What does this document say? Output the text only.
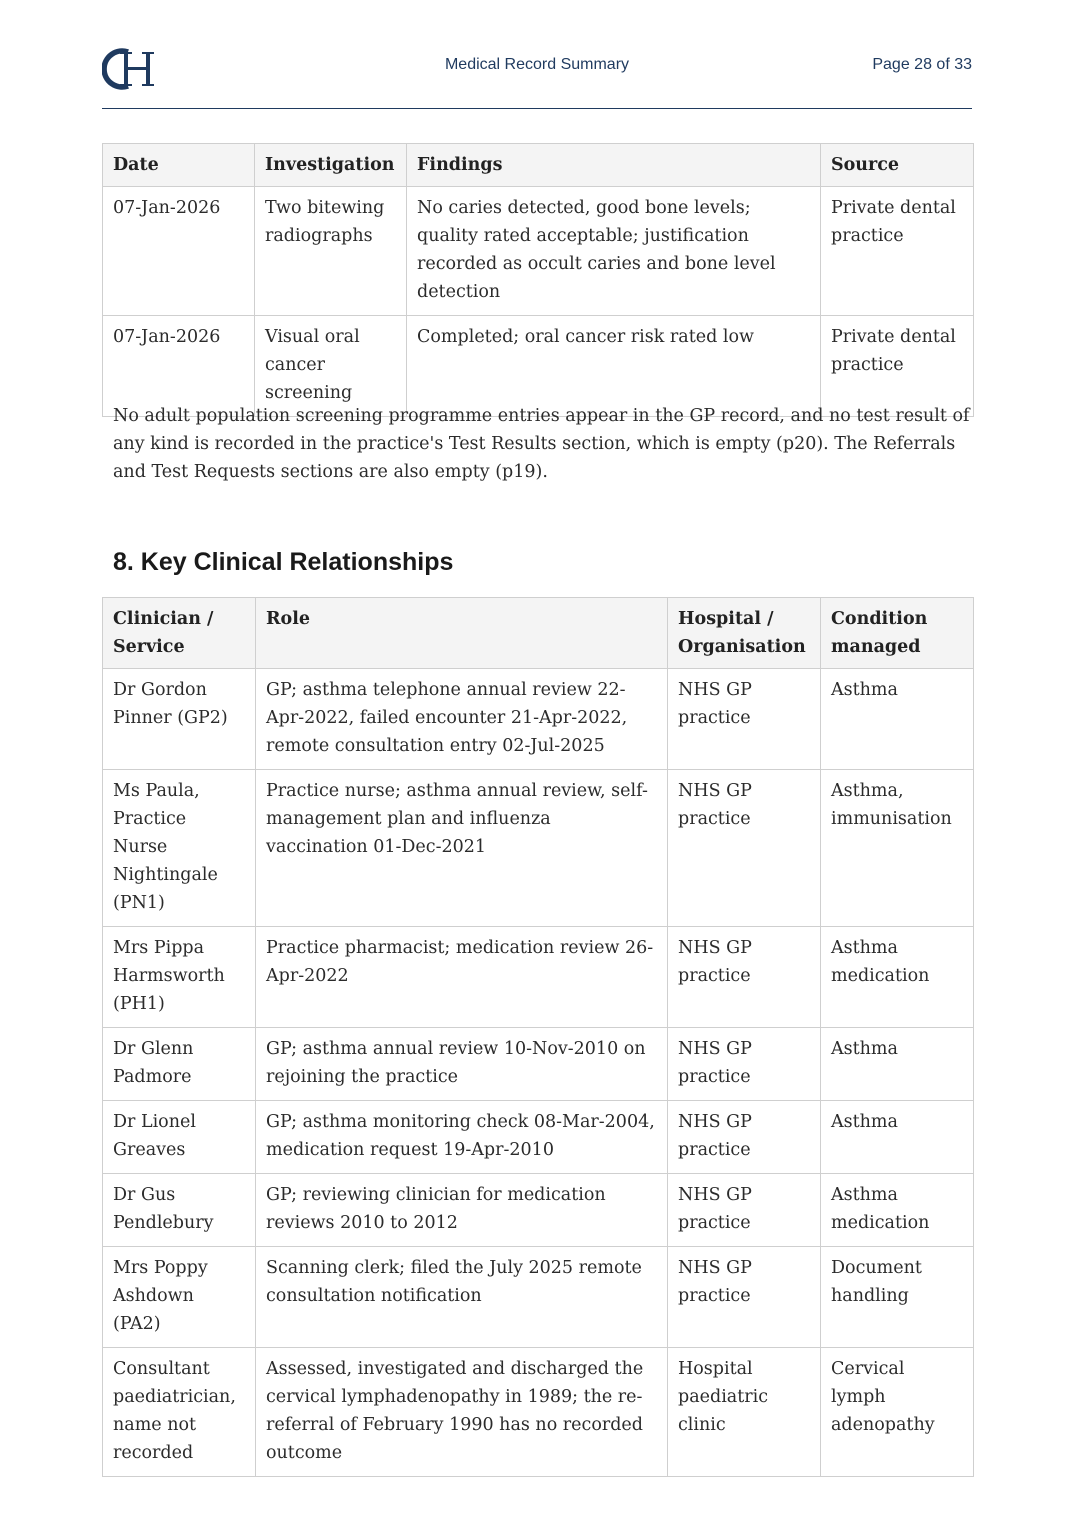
Medical Record Summary	Page 28 of 33
Date	Investigation	Findings	Source
07-Jan-2026	Two bitewing radiographs	No caries detected, good bone levels; quality rated acceptable; justification recorded as occult caries and bone level detection	Private dental practice
07-Jan-2026	Visual oral cancer screening	Completed; oral cancer risk rated low	Private dental practice

No adult population screening programme entries appear in the GP record, and no test result of any kind is recorded in the practice's Test Results section, which is empty (p20). The Referrals and Test Requests sections are also empty (p19).

8. Key Clinical Relationships
Clinician / Service	Role	Hospital / Organisation	Condition managed
Dr Gordon Pinner (GP2)	GP; asthma telephone annual review 22-Apr-2022, failed encounter 21-Apr-2022, remote consultation entry 02-Jul-2025	NHS GP practice	Asthma
Ms Paula, Practice Nurse Nightingale (PN1)	Practice nurse; asthma annual review, self-management plan and influenza vaccination 01-Dec-2021	NHS GP practice	Asthma, immunisation
Mrs Pippa Harmsworth (PH1)	Practice pharmacist; medication review 26-Apr-2022	NHS GP practice	Asthma medication
Dr Glenn Padmore	GP; asthma annual review 10-Nov-2010 on rejoining the practice	NHS GP practice	Asthma
Dr Lionel Greaves	GP; asthma monitoring check 08-Mar-2004, medication request 19-Apr-2010	NHS GP practice	Asthma
Dr Gus Pendlebury	GP; reviewing clinician for medication reviews 2010 to 2012	NHS GP practice	Asthma medication
Mrs Poppy Ashdown (PA2)	Scanning clerk; filed the July 2025 remote consultation notification	NHS GP practice	Document handling
Consultant paediatrician, name not recorded	Assessed, investigated and discharged the cervical lymphadenopathy in 1989; the re-referral of February 1990 has no recorded outcome	Hospital paediatric clinic	Cervical lymph adenopathy
